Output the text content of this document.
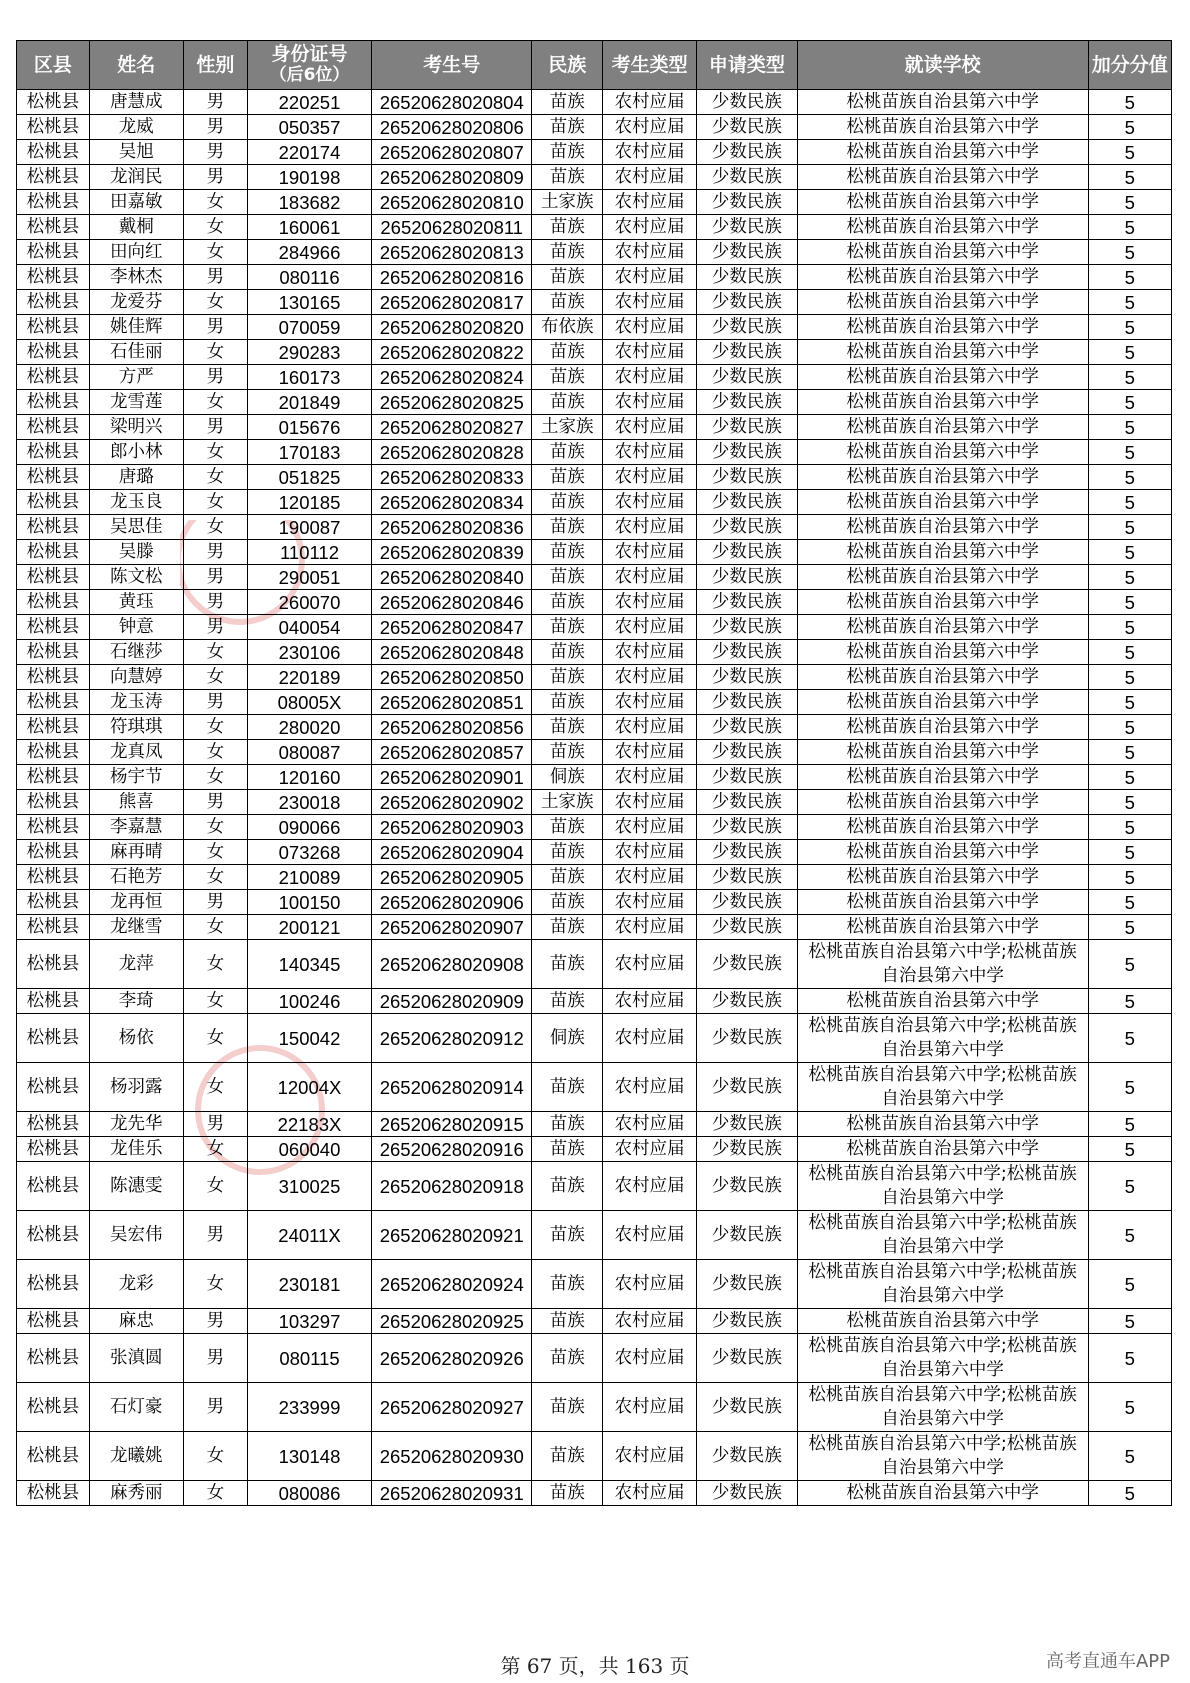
区县	姓名	性别	身份证号
（后6位）	考生号	民族	考生类型	申请类型	就读学校	加分分值
松桃县	唐慧成	男	220251	26520628020804	苗族	农村应届	少数民族	松桃苗族自治县第六中学	5
松桃县	龙威	男	050357	26520628020806	苗族	农村应届	少数民族	松桃苗族自治县第六中学	5
松桃县	吴旭	男	220174	26520628020807	苗族	农村应届	少数民族	松桃苗族自治县第六中学	5
松桃县	龙润民	男	190198	26520628020809	苗族	农村应届	少数民族	松桃苗族自治县第六中学	5
松桃县	田嘉敏	女	183682	26520628020810	土家族	农村应届	少数民族	松桃苗族自治县第六中学	5
松桃县	戴桐	女	160061	26520628020811	苗族	农村应届	少数民族	松桃苗族自治县第六中学	5
松桃县	田向红	女	284966	26520628020813	苗族	农村应届	少数民族	松桃苗族自治县第六中学	5
松桃县	李林杰	男	080116	26520628020816	苗族	农村应届	少数民族	松桃苗族自治县第六中学	5
松桃县	龙爱芬	女	130165	26520628020817	苗族	农村应届	少数民族	松桃苗族自治县第六中学	5
松桃县	姚佳辉	男	070059	26520628020820	布依族	农村应届	少数民族	松桃苗族自治县第六中学	5
松桃县	石佳丽	女	290283	26520628020822	苗族	农村应届	少数民族	松桃苗族自治县第六中学	5
松桃县	方严	男	160173	26520628020824	苗族	农村应届	少数民族	松桃苗族自治县第六中学	5
松桃县	龙雪莲	女	201849	26520628020825	苗族	农村应届	少数民族	松桃苗族自治县第六中学	5
松桃县	梁明兴	男	015676	26520628020827	土家族	农村应届	少数民族	松桃苗族自治县第六中学	5
松桃县	郎小林	女	170183	26520628020828	苗族	农村应届	少数民族	松桃苗族自治县第六中学	5
松桃县	唐璐	女	051825	26520628020833	苗族	农村应届	少数民族	松桃苗族自治县第六中学	5
松桃县	龙玉良	女	120185	26520628020834	苗族	农村应届	少数民族	松桃苗族自治县第六中学	5
松桃县	吴思佳	女	190087	26520628020836	苗族	农村应届	少数民族	松桃苗族自治县第六中学	5
松桃县	吴滕	男	110112	26520628020839	苗族	农村应届	少数民族	松桃苗族自治县第六中学	5
松桃县	陈文松	男	290051	26520628020840	苗族	农村应届	少数民族	松桃苗族自治县第六中学	5
松桃县	黄珏	男	260070	26520628020846	苗族	农村应届	少数民族	松桃苗族自治县第六中学	5
松桃县	钟意	男	040054	26520628020847	苗族	农村应届	少数民族	松桃苗族自治县第六中学	5
松桃县	石继莎	女	230106	26520628020848	苗族	农村应届	少数民族	松桃苗族自治县第六中学	5
松桃县	向慧婷	女	220189	26520628020850	苗族	农村应届	少数民族	松桃苗族自治县第六中学	5
松桃县	龙玉涛	男	08005X	26520628020851	苗族	农村应届	少数民族	松桃苗族自治县第六中学	5
松桃县	符琪琪	女	280020	26520628020856	苗族	农村应届	少数民族	松桃苗族自治县第六中学	5
松桃县	龙真凤	女	080087	26520628020857	苗族	农村应届	少数民族	松桃苗族自治县第六中学	5
松桃县	杨宇节	女	120160	26520628020901	侗族	农村应届	少数民族	松桃苗族自治县第六中学	5
松桃县	熊喜	男	230018	26520628020902	土家族	农村应届	少数民族	松桃苗族自治县第六中学	5
松桃县	李嘉慧	女	090066	26520628020903	苗族	农村应届	少数民族	松桃苗族自治县第六中学	5
松桃县	麻再晴	女	073268	26520628020904	苗族	农村应届	少数民族	松桃苗族自治县第六中学	5
松桃县	石艳芳	女	210089	26520628020905	苗族	农村应届	少数民族	松桃苗族自治县第六中学	5
松桃县	龙再恒	男	100150	26520628020906	苗族	农村应届	少数民族	松桃苗族自治县第六中学	5
松桃县	龙继雪	女	200121	26520628020907	苗族	农村应届	少数民族	松桃苗族自治县第六中学	5
松桃县	龙萍	女	140345	26520628020908	苗族	农村应届	少数民族	松桃苗族自治县第六中学;松桃苗族自治县第六中学	5
松桃县	李琦	女	100246	26520628020909	苗族	农村应届	少数民族	松桃苗族自治县第六中学	5
松桃县	杨依	女	150042	26520628020912	侗族	农村应届	少数民族	松桃苗族自治县第六中学;松桃苗族自治县第六中学	5
松桃县	杨羽露	女	12004X	26520628020914	苗族	农村应届	少数民族	松桃苗族自治县第六中学;松桃苗族自治县第六中学	5
松桃县	龙先华	男	22183X	26520628020915	苗族	农村应届	少数民族	松桃苗族自治县第六中学	5
松桃县	龙佳乐	女	060040	26520628020916	苗族	农村应届	少数民族	松桃苗族自治县第六中学	5
松桃县	陈潓雯	女	310025	26520628020918	苗族	农村应届	少数民族	松桃苗族自治县第六中学;松桃苗族自治县第六中学	5
松桃县	吴宏伟	男	24011X	26520628020921	苗族	农村应届	少数民族	松桃苗族自治县第六中学;松桃苗族自治县第六中学	5
松桃县	龙彩	女	230181	26520628020924	苗族	农村应届	少数民族	松桃苗族自治县第六中学;松桃苗族自治县第六中学	5
松桃县	麻忠	男	103297	26520628020925	苗族	农村应届	少数民族	松桃苗族自治县第六中学	5
松桃县	张滇圆	男	080115	26520628020926	苗族	农村应届	少数民族	松桃苗族自治县第六中学;松桃苗族自治县第六中学	5
松桃县	石灯豪	男	233999	26520628020927	苗族	农村应届	少数民族	松桃苗族自治县第六中学;松桃苗族自治县第六中学	5
松桃县	龙曦姚	女	130148	26520628020930	苗族	农村应届	少数民族	松桃苗族自治县第六中学;松桃苗族自治县第六中学	5
松桃县	麻秀丽	女	080086	26520628020931	苗族	农村应届	少数民族	松桃苗族自治县第六中学	5
第 67 页，共 163 页	高考直通车APP
